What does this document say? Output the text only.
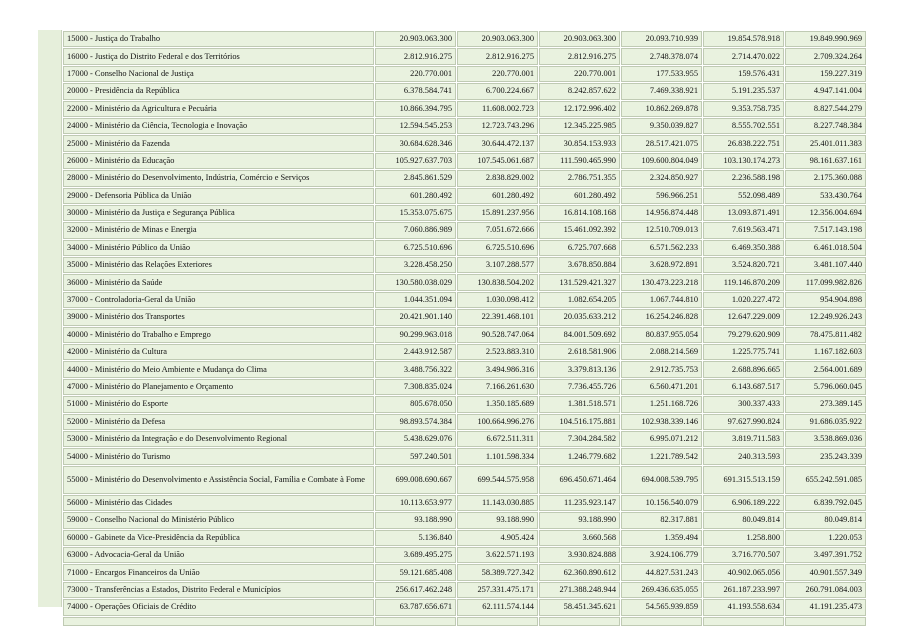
15000 - Justiça do Trabalho	20.903.063.300	20.903.063.300	20.903.063.300	20.093.710.939	19.854.578.918	19.849.990.969
16000 - Justiça do Distrito Federal e dos Territórios	2.812.916.275	2.812.916.275	2.812.916.275	2.748.378.074	2.714.470.022	2.709.324.264
17000 - Conselho Nacional de Justiça	220.770.001	220.770.001	220.770.001	177.533.955	159.576.431	159.227.319
20000 - Presidência da República	6.378.584.741	6.700.224.667	8.242.857.622	7.469.338.921	5.191.235.537	4.947.141.004
22000 - Ministério da Agricultura e Pecuária	10.866.394.795	11.608.002.723	12.172.996.402	10.862.269.878	9.353.758.735	8.827.544.279
24000 - Ministério da Ciência, Tecnologia e Inovação	12.594.545.253	12.723.743.296	12.345.225.985	9.350.039.827	8.555.702.551	8.227.748.384
25000 - Ministério da Fazenda	30.684.628.346	30.644.472.137	30.854.153.933	28.517.421.075	26.838.222.751	25.401.011.383
26000 - Ministério da Educação	105.927.637.703	107.545.061.687	111.590.465.990	109.600.804.049	103.130.174.273	98.161.637.161
28000 - Ministério do Desenvolvimento, Indústria, Comércio e Serviços	2.845.861.529	2.838.829.002	2.786.751.355	2.324.850.927	2.236.588.198	2.175.360.088
29000 - Defensoria Pública da União	601.280.492	601.280.492	601.280.492	596.966.251	552.098.489	533.430.764
30000 - Ministério da Justiça e Segurança Pública	15.353.075.675	15.891.237.956	16.814.108.168	14.956.874.448	13.093.871.491	12.356.004.694
32000 - Ministério de Minas e Energia	7.060.886.989	7.051.672.666	15.461.092.392	12.510.709.013	7.619.563.471	7.517.143.198
34000 - Ministério Público da União	6.725.510.696	6.725.510.696	6.725.707.668	6.571.562.233	6.469.350.388	6.461.018.504
35000 - Ministério das Relações Exteriores	3.228.458.250	3.107.288.577	3.678.850.884	3.628.972.891	3.524.820.721	3.481.107.440
36000 - Ministério da Saúde	130.580.038.029	130.838.504.202	131.529.421.327	130.473.223.218	119.146.870.209	117.099.982.826
37000 - Controladoria-Geral da União	1.044.351.094	1.030.098.412	1.082.654.205	1.067.744.810	1.020.227.472	954.904.898
39000 - Ministério dos Transportes	20.421.901.140	22.391.468.101	20.035.633.212	16.254.246.828	12.647.229.009	12.249.926.243
40000 - Ministério do Trabalho e Emprego	90.299.963.018	90.528.747.064	84.001.509.692	80.837.955.054	79.279.620.909	78.475.811.482
42000 - Ministério da Cultura	2.443.912.587	2.523.883.310	2.618.581.906	2.088.214.569	1.225.775.741	1.167.182.603
44000 - Ministério do Meio Ambiente e Mudança do Clima	3.488.756.322	3.494.986.316	3.379.813.136	2.912.735.753	2.688.896.665	2.564.001.689
47000 - Ministério do Planejamento e Orçamento	7.308.835.024	7.166.261.630	7.736.455.726	6.560.471.201	6.143.687.517	5.796.060.045
51000 - Ministério do Esporte	805.678.050	1.350.185.689	1.381.518.571	1.251.168.726	300.337.433	273.389.145
52000 - Ministério da Defesa	98.893.574.384	100.664.996.276	104.516.175.881	102.938.339.146	97.627.990.824	91.686.035.922
53000 - Ministério da Integração e do Desenvolvimento Regional	5.438.629.076	6.672.511.311	7.304.284.582	6.995.071.212	3.819.711.583	3.538.869.036
54000 - Ministério do Turismo	597.240.501	1.101.598.334	1.246.779.682	1.221.789.542	240.313.593	235.243.339
55000 - Ministério do Desenvolvimento e Assistência Social, Família e Combate à Fome	699.008.690.667	699.544.575.958	696.450.671.464	694.008.539.795	691.315.513.159	655.242.591.085
56000 - Ministério das Cidades	10.113.653.977	11.143.030.885	11.235.923.147	10.156.540.079	6.906.189.222	6.839.792.045
59000 - Conselho Nacional do Ministério Público	93.188.990	93.188.990	93.188.990	82.317.881	80.049.814	80.049.814
60000 - Gabinete da Vice-Presidência da República	5.136.840	4.905.424	3.660.568	1.359.494	1.258.800	1.220.053
63000 - Advocacia-Geral da União	3.689.495.275	3.622.571.193	3.930.824.888	3.924.106.779	3.716.770.507	3.497.391.752
71000 - Encargos Financeiros da União	59.121.685.408	58.389.727.342	62.360.890.612	44.827.531.243	40.902.065.056	40.901.557.349
73000 - Transferências a Estados, Distrito Federal e Municípios	256.617.462.248	257.331.475.171	271.388.248.944	269.436.635.055	261.187.233.997	260.791.084.003
74000 - Operações Oficiais de Crédito	63.787.656.671	62.111.574.144	58.451.345.621	54.565.939.859	41.193.558.634	41.191.235.473
